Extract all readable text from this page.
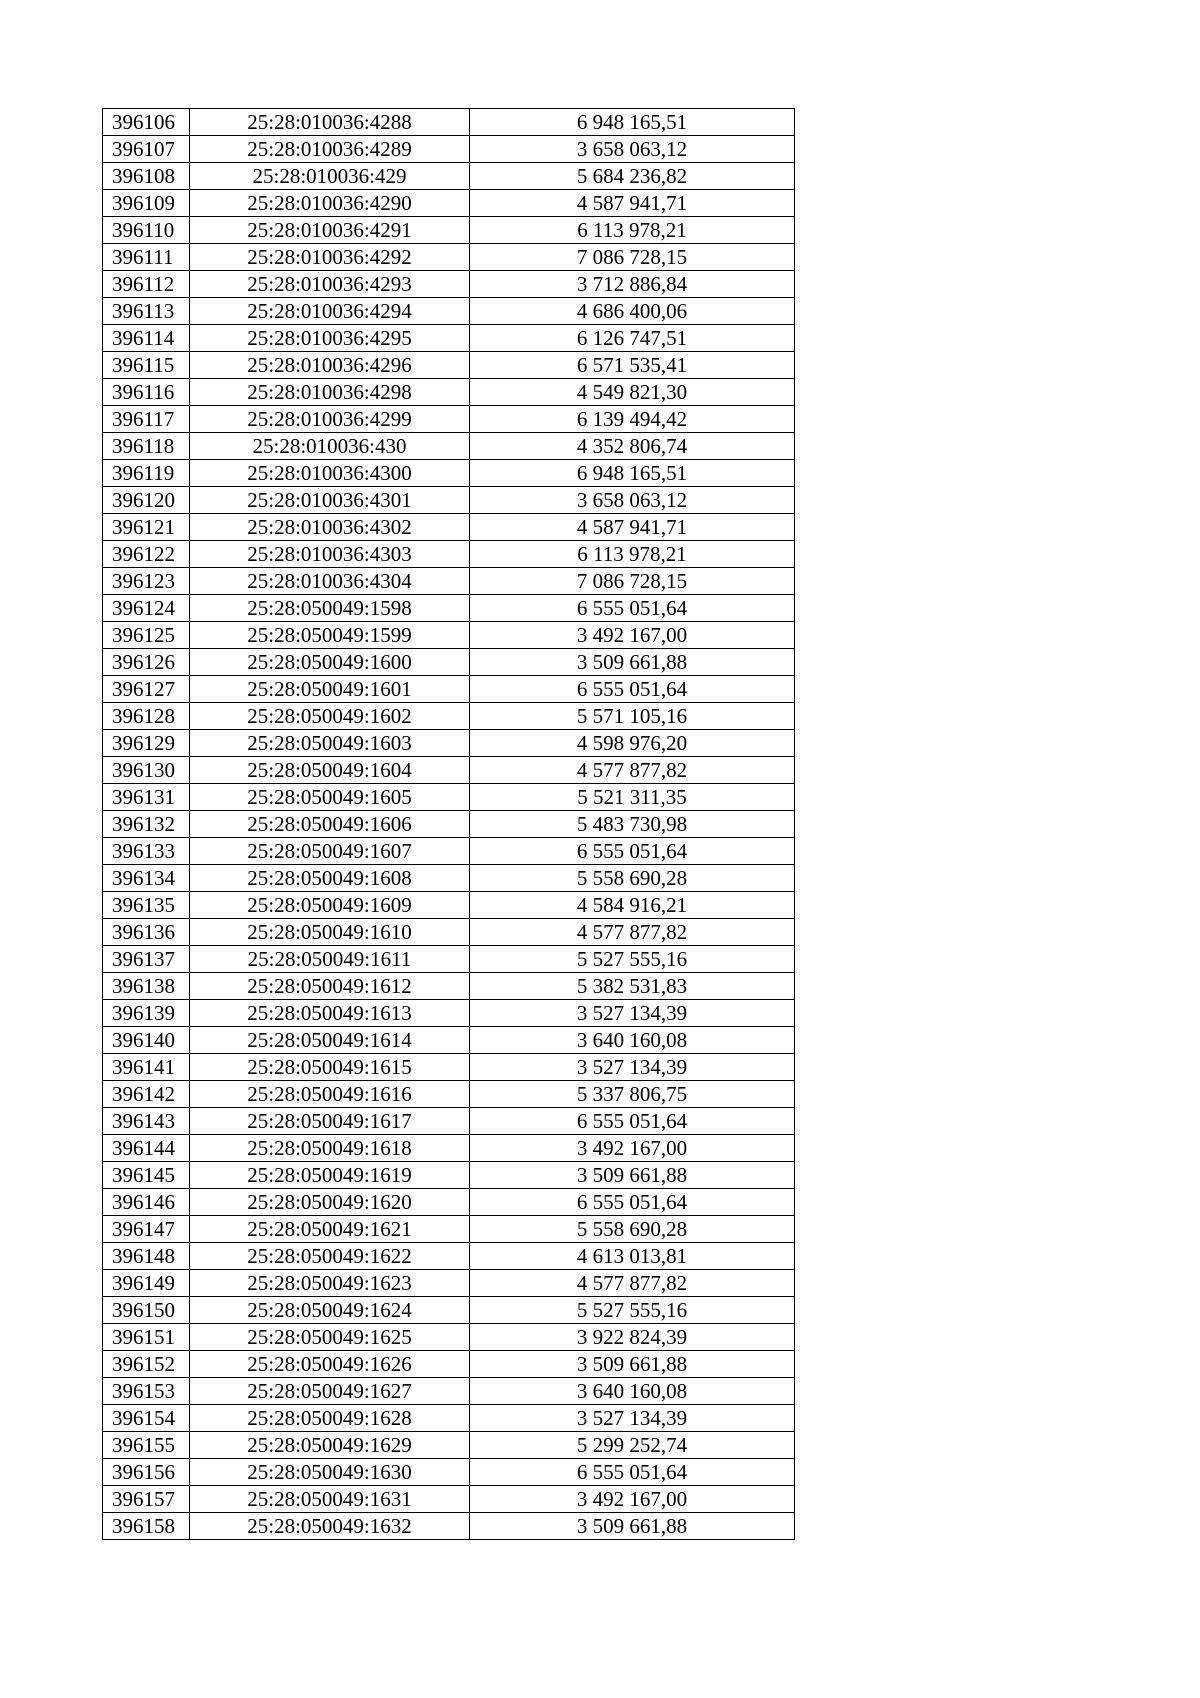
396106	25:28:010036:4288	6 948 165,51
396107	25:28:010036:4289	3 658 063,12
396108	25:28:010036:429	5 684 236,82
396109	25:28:010036:4290	4 587 941,71
396110	25:28:010036:4291	6 113 978,21
396111	25:28:010036:4292	7 086 728,15
396112	25:28:010036:4293	3 712 886,84
396113	25:28:010036:4294	4 686 400,06
396114	25:28:010036:4295	6 126 747,51
396115	25:28:010036:4296	6 571 535,41
396116	25:28:010036:4298	4 549 821,30
396117	25:28:010036:4299	6 139 494,42
396118	25:28:010036:430	4 352 806,74
396119	25:28:010036:4300	6 948 165,51
396120	25:28:010036:4301	3 658 063,12
396121	25:28:010036:4302	4 587 941,71
396122	25:28:010036:4303	6 113 978,21
396123	25:28:010036:4304	7 086 728,15
396124	25:28:050049:1598	6 555 051,64
396125	25:28:050049:1599	3 492 167,00
396126	25:28:050049:1600	3 509 661,88
396127	25:28:050049:1601	6 555 051,64
396128	25:28:050049:1602	5 571 105,16
396129	25:28:050049:1603	4 598 976,20
396130	25:28:050049:1604	4 577 877,82
396131	25:28:050049:1605	5 521 311,35
396132	25:28:050049:1606	5 483 730,98
396133	25:28:050049:1607	6 555 051,64
396134	25:28:050049:1608	5 558 690,28
396135	25:28:050049:1609	4 584 916,21
396136	25:28:050049:1610	4 577 877,82
396137	25:28:050049:1611	5 527 555,16
396138	25:28:050049:1612	5 382 531,83
396139	25:28:050049:1613	3 527 134,39
396140	25:28:050049:1614	3 640 160,08
396141	25:28:050049:1615	3 527 134,39
396142	25:28:050049:1616	5 337 806,75
396143	25:28:050049:1617	6 555 051,64
396144	25:28:050049:1618	3 492 167,00
396145	25:28:050049:1619	3 509 661,88
396146	25:28:050049:1620	6 555 051,64
396147	25:28:050049:1621	5 558 690,28
396148	25:28:050049:1622	4 613 013,81
396149	25:28:050049:1623	4 577 877,82
396150	25:28:050049:1624	5 527 555,16
396151	25:28:050049:1625	3 922 824,39
396152	25:28:050049:1626	3 509 661,88
396153	25:28:050049:1627	3 640 160,08
396154	25:28:050049:1628	3 527 134,39
396155	25:28:050049:1629	5 299 252,74
396156	25:28:050049:1630	6 555 051,64
396157	25:28:050049:1631	3 492 167,00
396158	25:28:050049:1632	3 509 661,88
